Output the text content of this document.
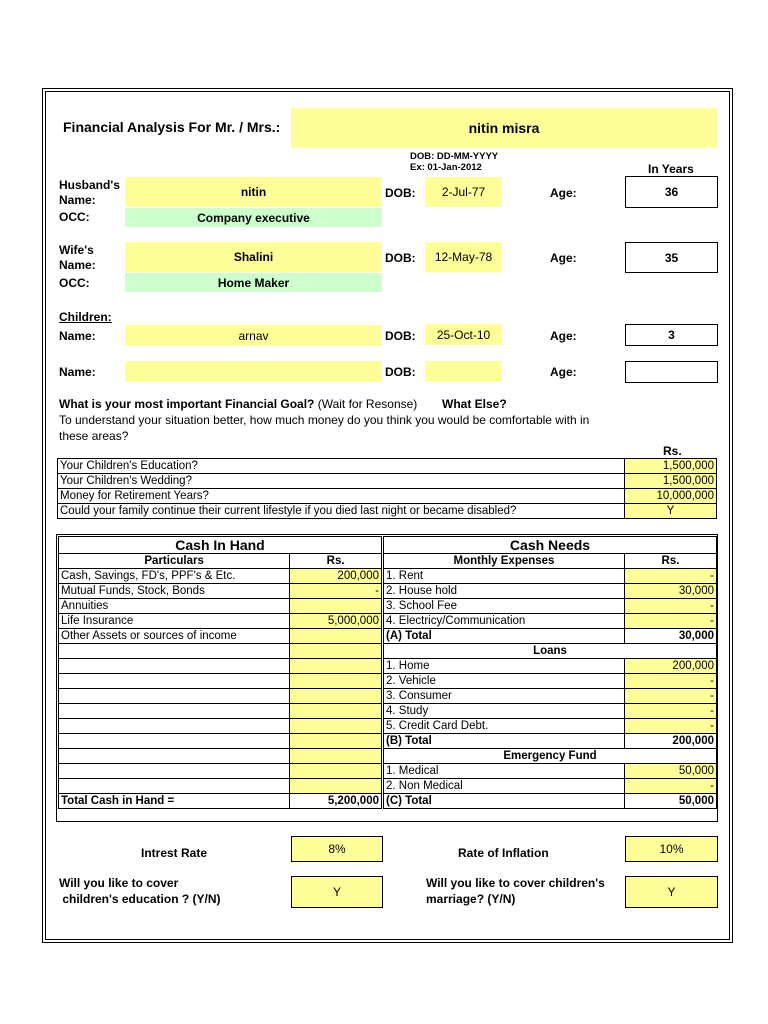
Financial Analysis For Mr. / Mrs.:	nitin misra
DOB: DD-MM-YYYY
Ex: 01-Jan-2012	In Years
Husband's
Name:
nitin
OCC:	Company executive
DOB:	2-Jul-77	Age:	36
Wife's
Name:
Shalini
OCC:	Home Maker
DOB:	12-May-78	Age:	35
Children:
Name:	arnav	DOB:	25-Oct-10	Age:	3
Name:	DOB:	Age:
What is your most important Financial Goal? (Wait for Resonse) What Else?
To understand your situation better, how much money do you think you would be comfortable with in
these areas?
Rs.
Your Children's Education?	1,500,000
Your Children's Wedding?	1,500,000
Money for Retirement Years?	10,000,000
Could your family continue their current lifestyle if you died last night or became disabled?	Y
Cash In Hand	
Particulars	Rs.
Cash, Savings, FD's, PPF's & Etc.	200,000
Mutual Funds, Stock, Bonds	-
Annuities	
Life Insurance	5,000,000
Other Assets or sources of income	

Total Cash in Hand =	5,200,000
Cash Needs	
Monthly Expenses	Rs.
1. Rent	-
2. House hold	30,000
3. School Fee	-
4. Electricy/Communication	-
(A) Total	30,000
Loans	
1. Home	200,000
2. Vehicle	-
3. Consumer	-
4. Study	-
5. Credit Card Debt.	-
(B) Total	200,000
Emergency Fund	
1. Medical	50,000
2. Non Medical	-
(C) Total	50,000
Intrest Rate	8%	Rate of Inflation	10%
Will you like to cover
children's education ? (Y/N)	Y
Will you like to cover children's
marriage? (Y/N)	Y
